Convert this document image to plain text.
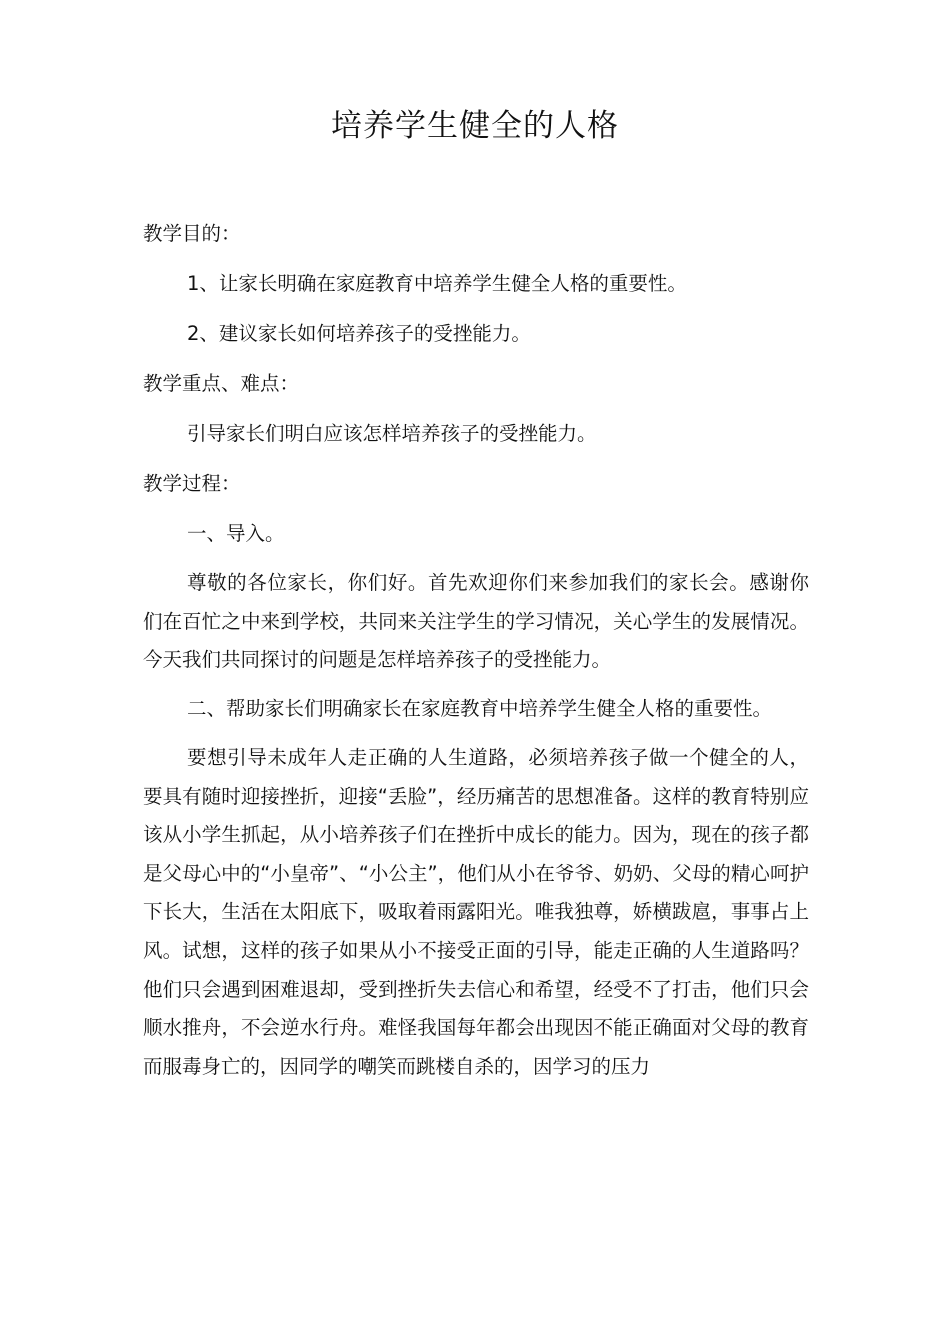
培养学生健全的人格

教学目的：

1、让家长明确在家庭教育中培养学生健全人格的重要性。

2、建议家长如何培养孩子的受挫能力。

教学重点、难点：

引导家长们明白应该怎样培养孩子的受挫能力。

教学过程：

一、导入。

尊敬的各位家长，你们好。首先欢迎你们来参加我们的家长会。感谢你们在百忙之中来到学校，共同来关注学生的学习情况，关心学生的发展情况。今天我们共同探讨的问题是怎样培养孩子的受挫能力。

二、帮助家长们明确家长在家庭教育中培养学生健全人格的重要性。

要想引导未成年人走正确的人生道路，必须培养孩子做一个健全的人，要具有随时迎接挫折，迎接“丢脸”，经历痛苦的思想准备。这样的教育特别应该从小学生抓起，从小培养孩子们在挫折中成长的能力。因为，现在的孩子都是父母心中的“小皇帝”、“小公主”，他们从小在爷爷、奶奶、父母的精心呵护下长大，生活在太阳底下，吸取着雨露阳光。唯我独尊，娇横跋扈，事事占上风。试想，这样的孩子如果从小不接受正面的引导，能走正确的人生道路吗？他们只会遇到困难退却，受到挫折失去信心和希望，经受不了打击，他们只会顺水推舟，不会逆水行舟。难怪我国每年都会出现因不能正确面对父母的教育而服毒身亡的，因同学的嘲笑而跳楼自杀的，因学习的压力
